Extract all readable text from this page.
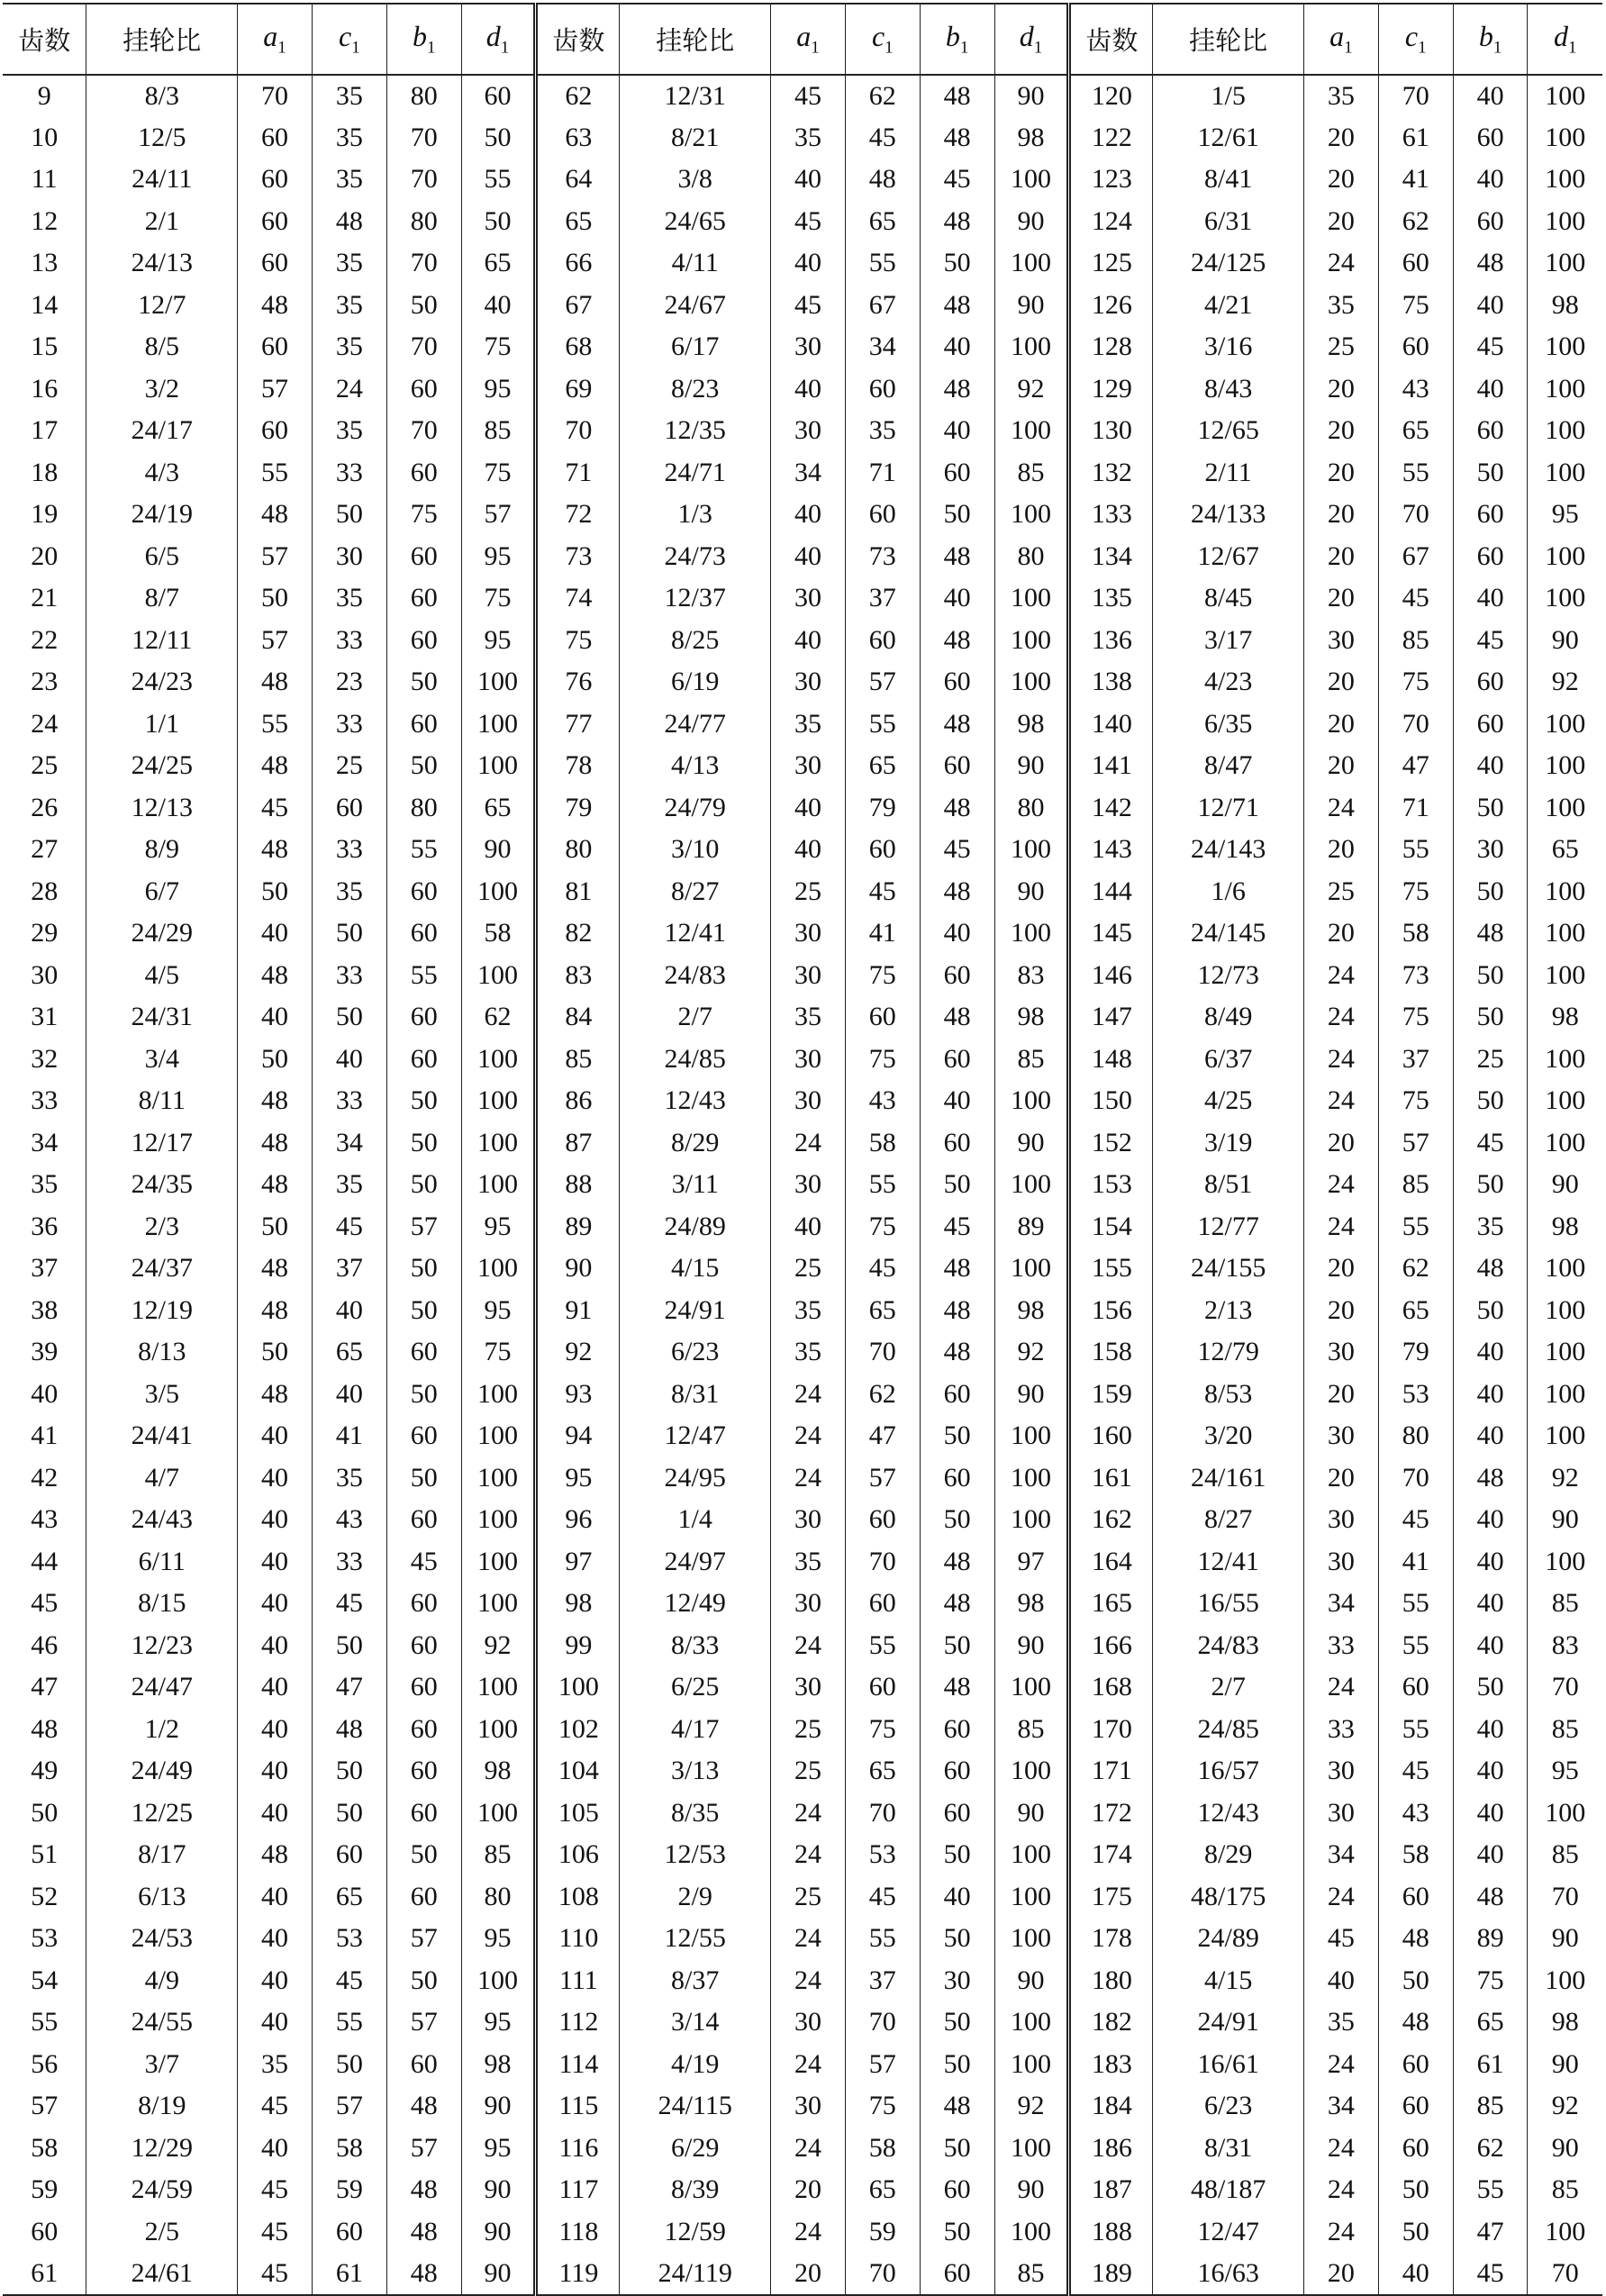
齿数	挂轮比	$a_1$	$c_1$	$b_1$	$d_1$	齿数	挂轮比	$a_1$	$c_1$	$b_1$	$d_1$	齿数	挂轮比	$a_1$	$c_1$	$b_1$	$d_1$
9	8/3	70	35	80	60	62	12/31	45	62	48	90	120	1/5	35	70	40	100
10	12/5	60	35	70	50	63	8/21	35	45	48	98	122	12/61	20	61	60	100
11	24/11	60	35	70	55	64	3/8	40	48	45	100	123	8/41	20	41	40	100
12	2/1	60	48	80	50	65	24/65	45	65	48	90	124	6/31	20	62	60	100
13	24/13	60	35	70	65	66	4/11	40	55	50	100	125	24/125	24	60	48	100
14	12/7	48	35	50	40	67	24/67	45	67	48	90	126	4/21	35	75	40	98
15	8/5	60	35	70	75	68	6/17	30	34	40	100	128	3/16	25	60	45	100
16	3/2	57	24	60	95	69	8/23	40	60	48	92	129	8/43	20	43	40	100
17	24/17	60	35	70	85	70	12/35	30	35	40	100	130	12/65	20	65	60	100
18	4/3	55	33	60	75	71	24/71	34	71	60	85	132	2/11	20	55	50	100
19	24/19	48	50	75	57	72	1/3	40	60	50	100	133	24/133	20	70	60	95
20	6/5	57	30	60	95	73	24/73	40	73	48	80	134	12/67	20	67	60	100
21	8/7	50	35	60	75	74	12/37	30	37	40	100	135	8/45	20	45	40	100
22	12/11	57	33	60	95	75	8/25	40	60	48	100	136	3/17	30	85	45	90
23	24/23	48	23	50	100	76	6/19	30	57	60	100	138	4/23	20	75	60	92
24	1/1	55	33	60	100	77	24/77	35	55	48	98	140	6/35	20	70	60	100
25	24/25	48	25	50	100	78	4/13	30	65	60	90	141	8/47	20	47	40	100
26	12/13	45	60	80	65	79	24/79	40	79	48	80	142	12/71	24	71	50	100
27	8/9	48	33	55	90	80	3/10	40	60	45	100	143	24/143	20	55	30	65
28	6/7	50	35	60	100	81	8/27	25	45	48	90	144	1/6	25	75	50	100
29	24/29	40	50	60	58	82	12/41	30	41	40	100	145	24/145	20	58	48	100
30	4/5	48	33	55	100	83	24/83	30	75	60	83	146	12/73	24	73	50	100
31	24/31	40	50	60	62	84	2/7	35	60	48	98	147	8/49	24	75	50	98
32	3/4	50	40	60	100	85	24/85	30	75	60	85	148	6/37	24	37	25	100
33	8/11	48	33	50	100	86	12/43	30	43	40	100	150	4/25	24	75	50	100
34	12/17	48	34	50	100	87	8/29	24	58	60	90	152	3/19	20	57	45	100
35	24/35	48	35	50	100	88	3/11	30	55	50	100	153	8/51	24	85	50	90
36	2/3	50	45	57	95	89	24/89	40	75	45	89	154	12/77	24	55	35	98
37	24/37	48	37	50	100	90	4/15	25	45	48	100	155	24/155	20	62	48	100
38	12/19	48	40	50	95	91	24/91	35	65	48	98	156	2/13	20	65	50	100
39	8/13	50	65	60	75	92	6/23	35	70	48	92	158	12/79	30	79	40	100
40	3/5	48	40	50	100	93	8/31	24	62	60	90	159	8/53	20	53	40	100
41	24/41	40	41	60	100	94	12/47	24	47	50	100	160	3/20	30	80	40	100
42	4/7	40	35	50	100	95	24/95	24	57	60	100	161	24/161	20	70	48	92
43	24/43	40	43	60	100	96	1/4	30	60	50	100	162	8/27	30	45	40	90
44	6/11	40	33	45	100	97	24/97	35	70	48	97	164	12/41	30	41	40	100
45	8/15	40	45	60	100	98	12/49	30	60	48	98	165	16/55	34	55	40	85
46	12/23	40	50	60	92	99	8/33	24	55	50	90	166	24/83	33	55	40	83
47	24/47	40	47	60	100	100	6/25	30	60	48	100	168	2/7	24	60	50	70
48	1/2	40	48	60	100	102	4/17	25	75	60	85	170	24/85	33	55	40	85
49	24/49	40	50	60	98	104	3/13	25	65	60	100	171	16/57	30	45	40	95
50	12/25	40	50	60	100	105	8/35	24	70	60	90	172	12/43	30	43	40	100
51	8/17	48	60	50	85	106	12/53	24	53	50	100	174	8/29	34	58	40	85
52	6/13	40	65	60	80	108	2/9	25	45	40	100	175	48/175	24	60	48	70
53	24/53	40	53	57	95	110	12/55	24	55	50	100	178	24/89	45	48	89	90
54	4/9	40	45	50	100	111	8/37	24	37	30	90	180	4/15	40	50	75	100
55	24/55	40	55	57	95	112	3/14	30	70	50	100	182	24/91	35	48	65	98
56	3/7	35	50	60	98	114	4/19	24	57	50	100	183	16/61	24	60	61	90
57	8/19	45	57	48	90	115	24/115	30	75	48	92	184	6/23	34	60	85	92
58	12/29	40	58	57	95	116	6/29	24	58	50	100	186	8/31	24	60	62	90
59	24/59	45	59	48	90	117	8/39	20	65	60	90	187	48/187	24	50	55	85
60	2/5	45	60	48	90	118	12/59	24	59	50	100	188	12/47	24	50	47	100
61	24/61	45	61	48	90	119	24/119	20	70	60	85	189	16/63	20	40	45	70
